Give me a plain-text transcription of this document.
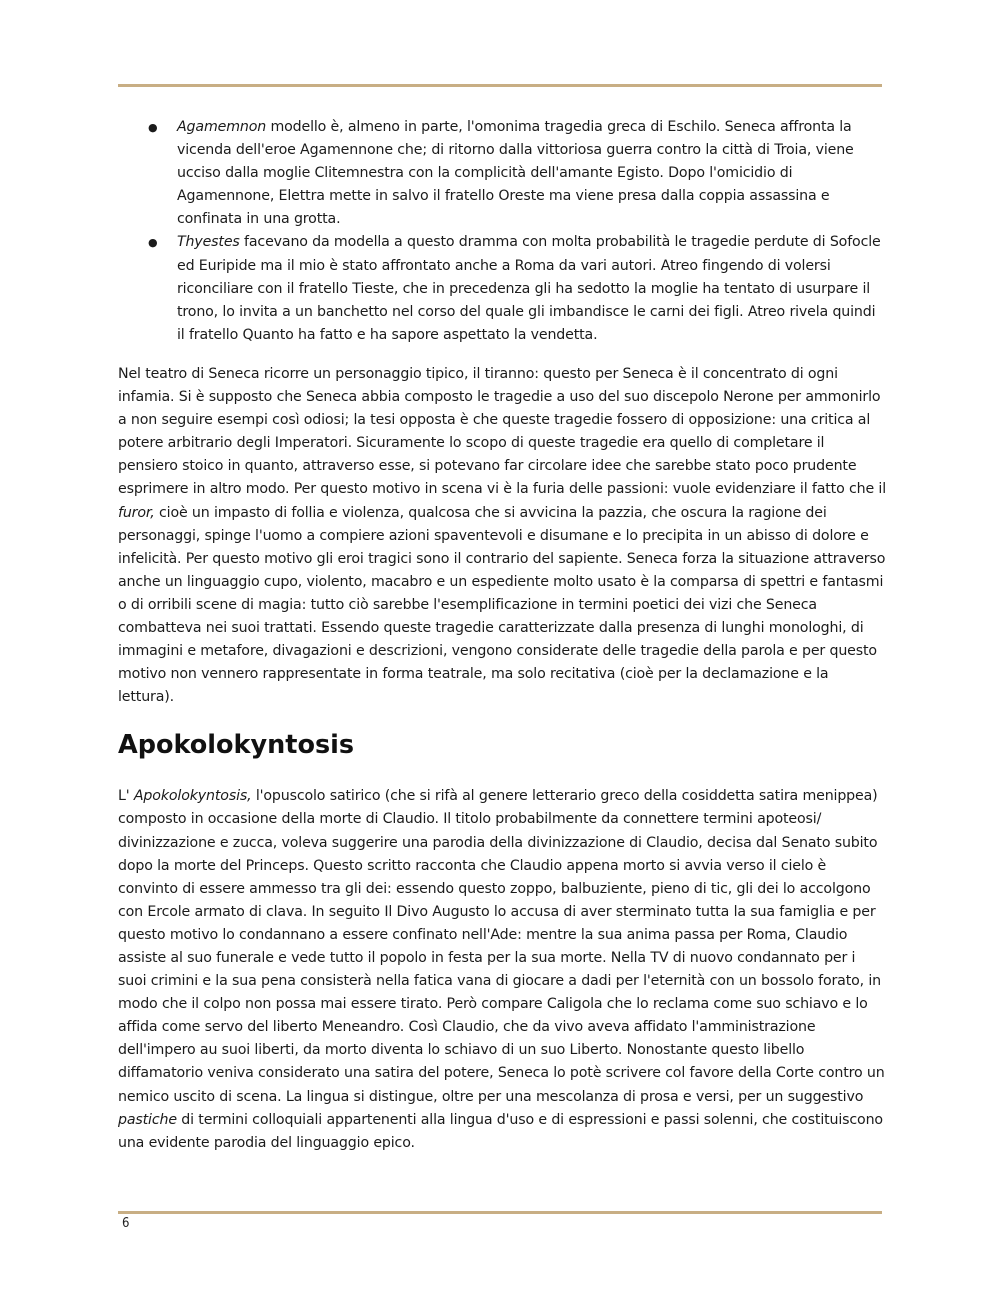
● Agamemnon modello è, almeno in parte, l'omonima tragedia greca di Eschilo. Seneca affronta la vicenda dell'eroe Agamennone che; di ritorno dalla vittoriosa guerra contro la città di Troia, viene ucciso dalla moglie Clitemnestra con la complicità dell'amante Egisto. Dopo l'omicidio di Agamennone, Elettra mette in salvo il fratello Oreste ma viene presa dalla coppia assassina e confinata in una grotta.
● Thyestes facevano da modella a questo dramma con molta probabilità le tragedie perdute di Sofocle ed Euripide ma il mio è stato affrontato anche a Roma da vari autori. Atreo fingendo di volersi riconciliare con il fratello Tieste, che in precedenza gli ha sedotto la moglie ha tentato di usurpare il trono, lo invita a un banchetto nel corso del quale gli imbandisce le carni dei figli. Atreo rivela quindi il fratello Quanto ha fatto e ha sapore aspettato la vendetta.

Nel teatro di Seneca ricorre un personaggio tipico, il tiranno: questo per Seneca è il concentrato di ogni infamia. Si è supposto che Seneca abbia composto le tragedie a uso del suo discepolo Nerone per ammonirlo a non seguire esempi così odiosi; la tesi opposta è che queste tragedie fossero di opposizione: una critica al potere arbitrario degli Imperatori. Sicuramente lo scopo di queste tragedie era quello di completare il pensiero stoico in quanto, attraverso esse, si potevano far circolare idee che sarebbe stato poco prudente esprimere in altro modo. Per questo motivo in scena vi è la furia delle passioni: vuole evidenziare il fatto che il furor, cioè un impasto di follia e violenza, qualcosa che si avvicina la pazzia, che oscura la ragione dei personaggi, spinge l'uomo a compiere azioni spaventevoli e disumane e lo precipita in un abisso di dolore e infelicità. Per questo motivo gli eroi tragici sono il contrario del sapiente. Seneca forza la situazione attraverso anche un linguaggio cupo, violento, macabro e un espediente molto usato è la comparsa di spettri e fantasmi o di orribili scene di magia: tutto ciò sarebbe l'esemplificazione in termini poetici dei vizi che Seneca combatteva nei suoi trattati. Essendo queste tragedie caratterizzate dalla presenza di lunghi monologhi, di immagini e metafore, divagazioni e descrizioni, vengono considerate delle tragedie della parola e per questo motivo non vennero rappresentate in forma teatrale, ma solo recitativa (cioè per la declamazione e la lettura).

Apokolokyntosis

L' Apokolokyntosis, l'opuscolo satirico (che si rifà al genere letterario greco della cosiddetta satira menippea) composto in occasione della morte di Claudio. Il titolo probabilmente da connettere termini apoteosi/ divinizzazione e zucca, voleva suggerire una parodia della divinizzazione di Claudio, decisa dal Senato subito dopo la morte del Princeps. Questo scritto racconta che Claudio appena morto si avvia verso il cielo è convinto di essere ammesso tra gli dei: essendo questo zoppo, balbuziente, pieno di tic, gli dei lo accolgono con Ercole armato di clava. In seguito Il Divo Augusto lo accusa di aver sterminato tutta la sua famiglia e per questo motivo lo condannano a essere confinato nell'Ade: mentre la sua anima passa per Roma, Claudio assiste al suo funerale e vede tutto il popolo in festa per la sua morte. Nella TV di nuovo condannato per i suoi crimini e la sua pena consisterà nella fatica vana di giocare a dadi per l'eternità con un bossolo forato, in modo che il colpo non possa mai essere tirato. Però compare Caligola che lo reclama come suo schiavo e lo affida come servo del liberto Meneandro. Così Claudio, che da vivo aveva affidato l'amministrazione dell'impero au suoi liberti, da morto diventa lo schiavo di un suo Liberto. Nonostante questo libello diffamatorio veniva considerato una satira del potere, Seneca lo potè scrivere col favore della Corte contro un nemico uscito di scena. La lingua si distingue, oltre per una mescolanza di prosa e versi, per un suggestivo pastiche di termini colloquiali appartenenti alla lingua d'uso e di espressioni e passi solenni, che costituiscono una evidente parodia del linguaggio epico.

6
